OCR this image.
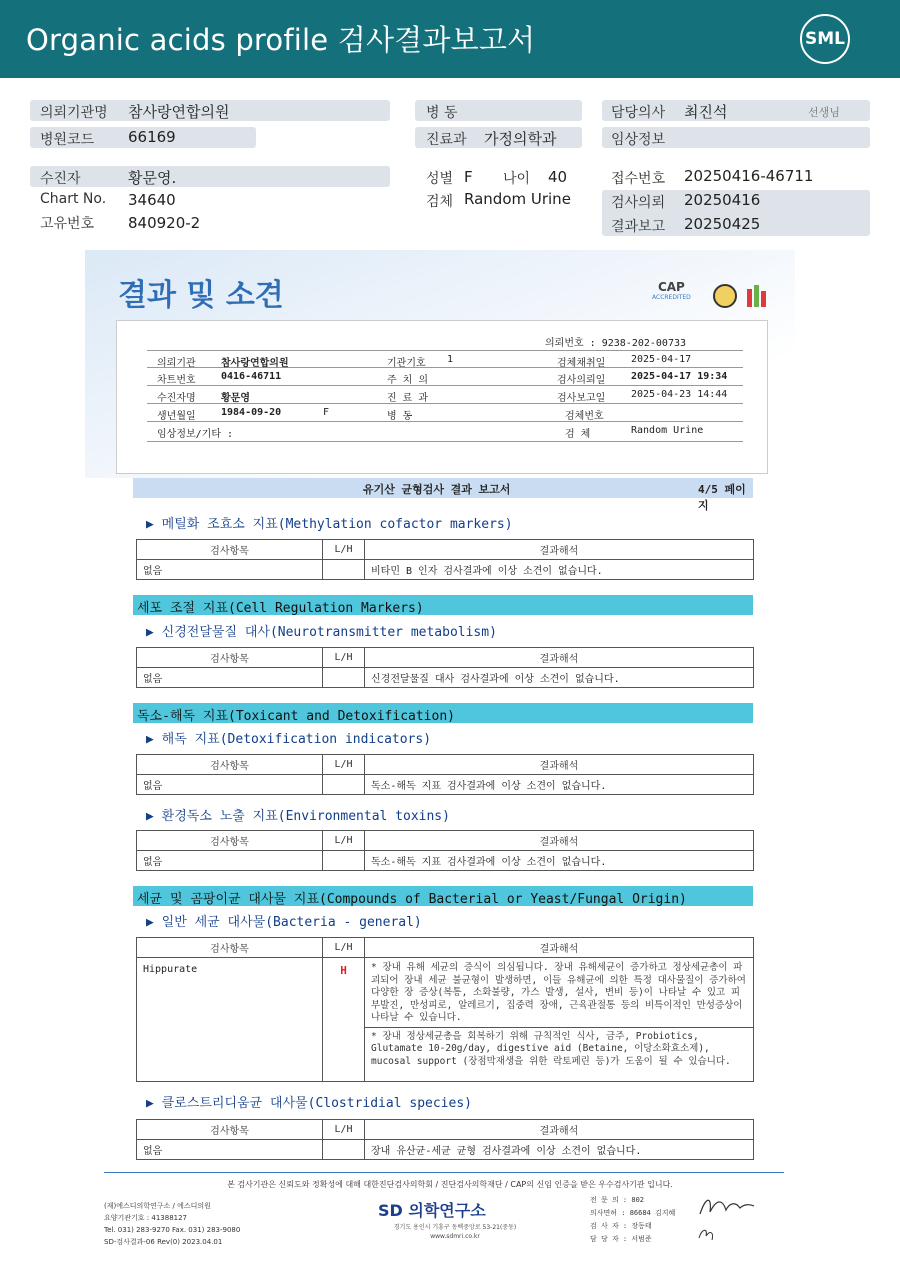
Organic acids profile 검사결과보고서	SML
의뢰기관명 참사랑연합의원
병원코드 66169
수진자	황문영.
Chart No. 34640
고유번호 840920-2
병 동
진료과 가정의학과
성별 F 나이 40
검체 Random Urine
담당의사 최진석	선생님
임상정보
접수번호 20250416-46711
검사의뢰 20250416
결과보고 20250425
결과 및 소견	CAP
ACCREDITED
의뢰번호 : 9238-202-00733
의뢰기관	참사랑연합의원	기관기호 1	검체채취일	2025-04-17
차트번호	0416-46711	주 치 의	검사의뢰일	2025-04-17 19:34
수진자명	황문영	진 료 과	검사보고일	2025-04-23 14:44
생년월일	1984-09-20	F	병 동	검체번호
임상정보/기타 :	검 체	Random Urine
유기산 균형검사 결과 보고서	4/5 페이지
▶ 메틸화 조효소 지표(Methylation cofactor markers)
검사항목	L/H	결과해석
없음		비타민 B 인자 검사결과에 이상 소견이 없습니다.
세포 조절 지표(Cell Regulation Markers)
▶ 신경전달물질 대사(Neurotransmitter metabolism)
검사항목	L/H	결과해석
없음		신경전달물질 대사 검사결과에 이상 소견이 없습니다.
독소-해독 지표(Toxicant and Detoxification)
▶ 해독 지표(Detoxification indicators)
검사항목	L/H	결과해석
없음		독소-해독 지표 검사결과에 이상 소견이 없습니다.
▶ 환경독소 노출 지표(Environmental toxins)
검사항목	L/H	결과해석
없음		독소-해독 지표 검사결과에 이상 소견이 없습니다.
세균 및 곰팡이균 대사물 지표(Compounds of Bacterial or Yeast/Fungal Origin)
▶ 일반 세균 대사물(Bacteria - general)
검사항목	L/H	결과해석
Hippurate	H	* 장내 유해 세균의 증식이 의심됩니다. 장내 유해세균이 증가하고 정상세균총이 파괴되어 장내 세균 불균형이 발생하면, 이들 유해균에 의한 특정 대사물질이 증가하여 다양한 장 증상(복통, 소화불량, 가스 발생, 설사, 변비 등)이 나타날 수 있고 피부발진, 만성피로, 알레르기, 집중력 장애, 근육관절통 등의 비특이적인 만성증상이 나타날 수 있습니다.
		* 장내 정상세균총을 회복하기 위해 규칙적인 식사, 금주, Probiotics, Glutamate 10-20g/day, digestive aid (Betaine, 이당소화효소제), mucosal support (장점막재생을 위한 락토페린 등)가 도움이 될 수 있습니다.
▶ 클로스트리디움균 대사물(Clostridial species)
검사항목	L/H	결과해석
없음		장내 유산균-세균 균형 검사결과에 이상 소견이 없습니다.
본 검사기관은 신뢰도와 정확성에 대해 대한진단검사의학회 / 진단검사의학재단 / CAP의 신임 인증을 받은 우수검사기관 입니다.
(재)에스디의학연구소 / 에스디의원
요양기관기호 : 41388127
Tel. 031) 283-9270 Fax. 031) 283-9080
SD-검사결과-06 Rev(0) 2023.04.01
SD 의학연구소
경기도 용인시 기흥구 동백중앙로 53-21(중동)
www.sdmri.co.kr
전 문 의 : 802
의사면허 : 86684 김지혜
검 사 자 : 장동태
담 당 자 : 서범준
